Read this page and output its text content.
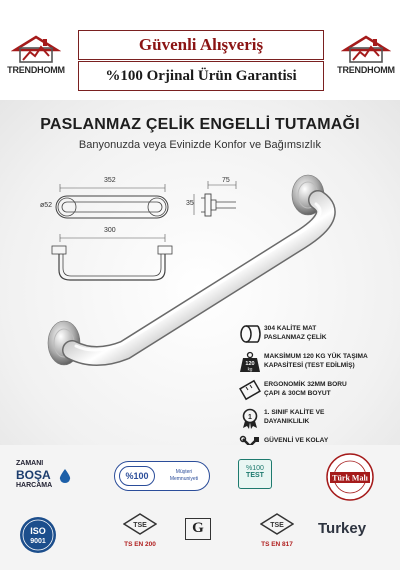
TRENDHOMM
Güvenli Alışveriş
%100 Orjinal Ürün Garantisi	TRENDHOMM
PASLANMAZ ÇELİK ENGELLİ TUTAMAĞI
Banyonuzda veya Evinizde Konfor ve Bağımsızlık
120
kg
1
352
300
ø52
75
35
304 KALİTE MAT
PASLANMAZ ÇELİK
MAKSİMUM 120 KG YÜK TAŞIMA
KAPASİTESİ (TEST EDİLMİŞ)
ERGONOMİK 32MM BORU
ÇAPI & 30CM BOYUT
1. SINIF KALİTE VE
DAYANIKLILIK
GÜVENLİ VE KOLAY

ZAMANI
BOŞA
HARCAMA
%100	Müşteri
Memnuniyeti
%100
TEST	Türk Malı
ISO
9001
TSE
TS EN 200
G	TSE
TS EN 817
Turkey
